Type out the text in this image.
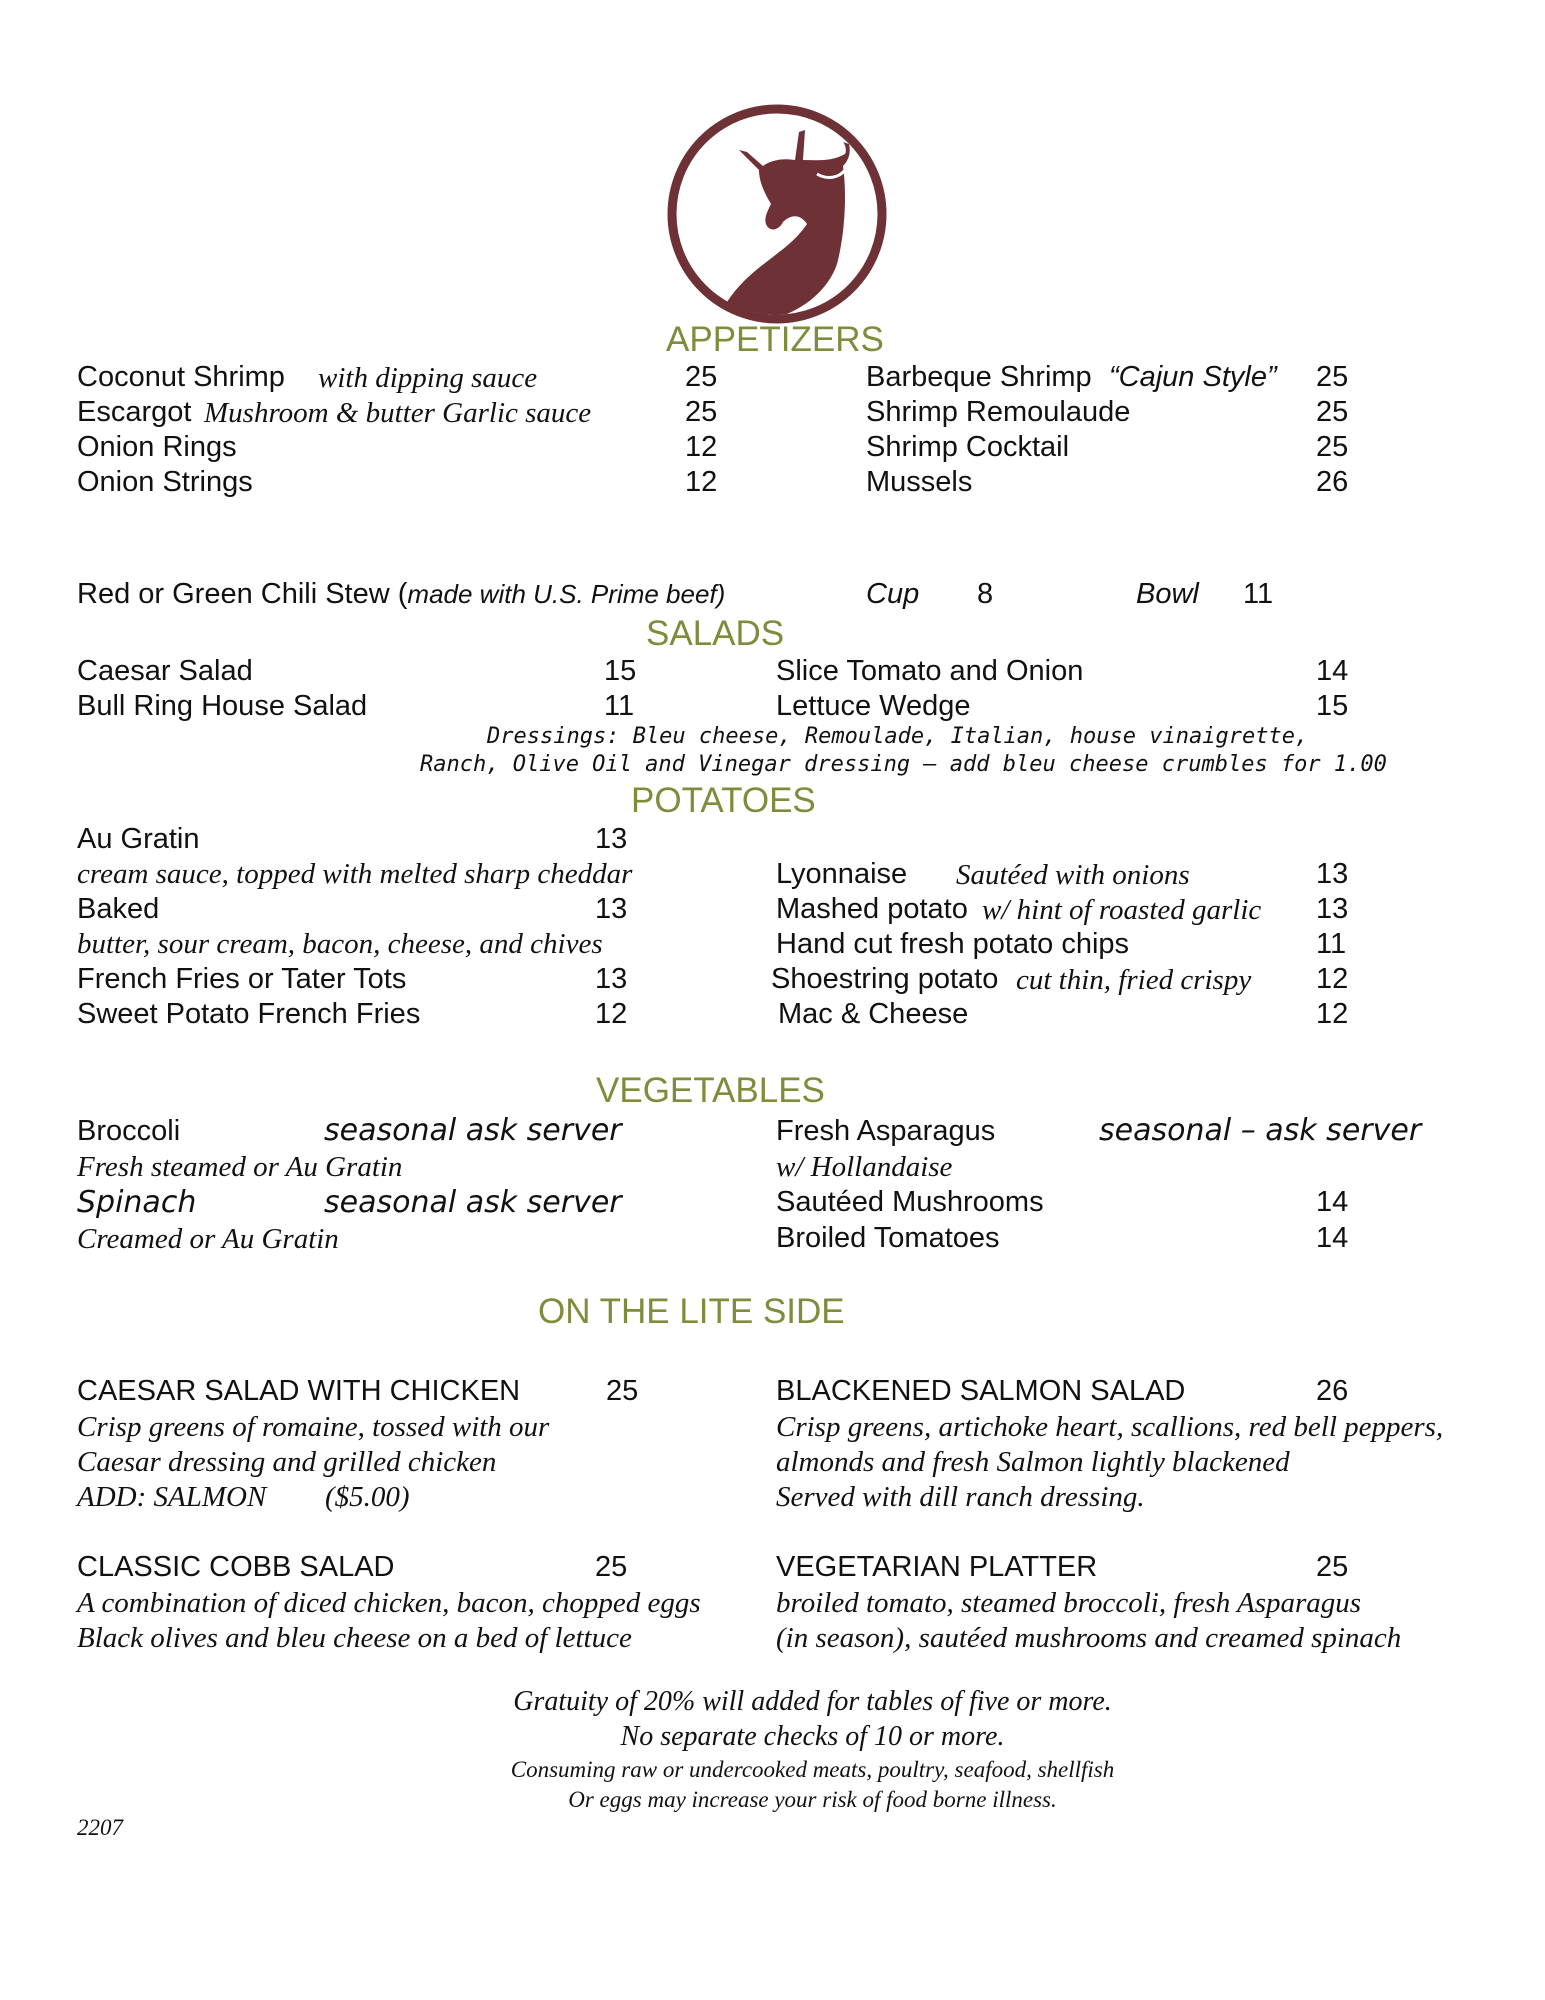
APPETIZERS
Coconut Shrimp with dipping sauce	25
Escargot Mushroom & butter Garlic sauce	25
Onion Rings	12
Onion Strings	12
Barbeque Shrimp “Cajun Style” 25
Shrimp Remoulaude	25
Shrimp Cocktail	25
Mussels	26
Red or Green Chili Stew (made with U.S. Prime beef)	Cup 8	Bowl 11
SALADS
Caesar Salad	15
Bull Ring House Salad	11
Slice Tomato and Onion	14
Lettuce Wedge	15
Dressings: Bleu cheese, Remoulade, Italian, house vinaigrette,
Ranch, Olive Oil and Vinegar dressing – add bleu cheese crumbles for 1.00
POTATOES
Au Gratin	13
cream sauce, topped with melted sharp cheddar
Baked	13
butter, sour cream, bacon, cheese, and chives
French Fries or Tater Tots	13
Sweet Potato French Fries	12
Lyonnaise Sautéed with onions	13
Mashed potato w/ hint of roasted garlic 13
Hand cut fresh potato chips	11
Shoestring potato cut thin, fried crispy 12
Mac & Cheese	12
VEGETABLES
Broccoli	seasonal ask server
Fresh steamed or Au Gratin
Spinach	seasonal ask server
Creamed or Au Gratin
Fresh Asparagus	seasonal – ask server
w/ Hollandaise
Sautéed Mushrooms	14
Broiled Tomatoes	14
ON THE LITE SIDE
CAESAR SALAD WITH CHICKEN	25
Crisp greens of romaine, tossed with our
Caesar dressing and grilled chicken
ADD: SALMON ($5.00)
BLACKENED SALMON SALAD	26
Crisp greens, artichoke heart, scallions, red bell peppers,
almonds and fresh Salmon lightly blackened
Served with dill ranch dressing.
CLASSIC COBB SALAD	25
A combination of diced chicken, bacon, chopped eggs
Black olives and bleu cheese on a bed of lettuce
VEGETARIAN PLATTER	25
broiled tomato, steamed broccoli, fresh Asparagus
(in season), sautéed mushrooms and creamed spinach
Gratuity of 20% will added for tables of five or more.
No separate checks of 10 or more.
Consuming raw or undercooked meats, poultry, seafood, shellfish
Or eggs may increase your risk of food borne illness.
2207
